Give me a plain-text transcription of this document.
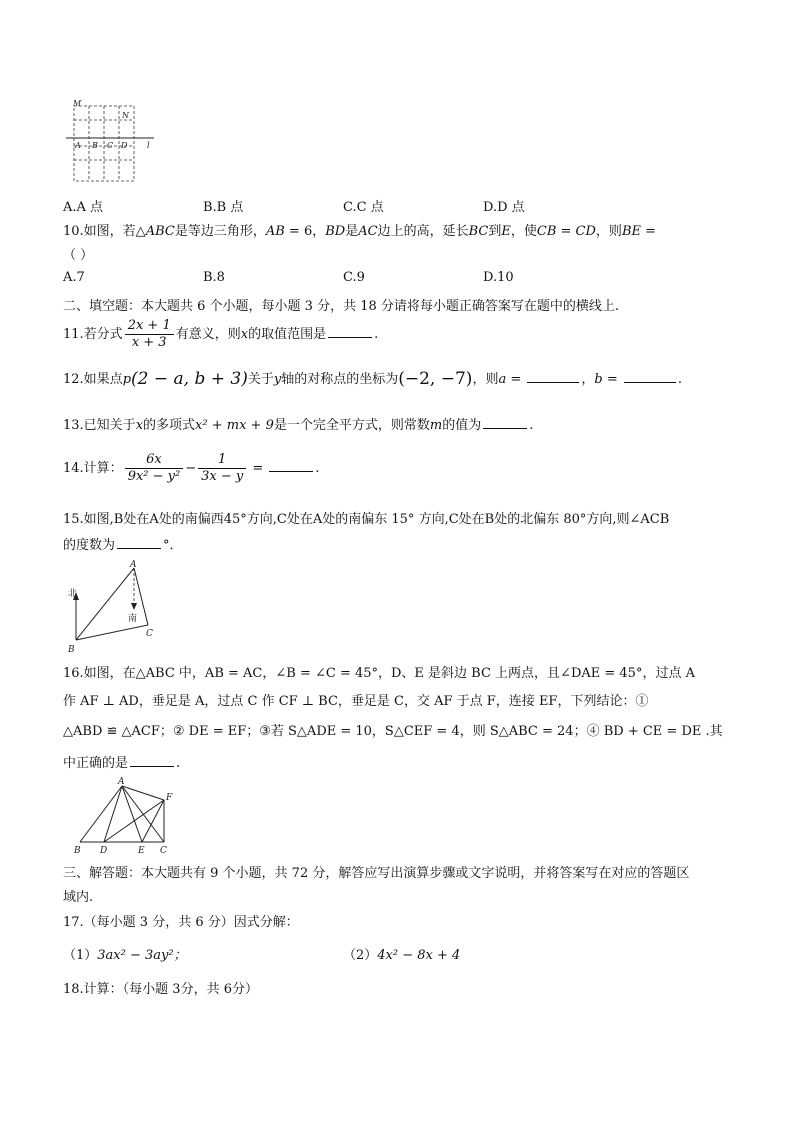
M
N
A B C D l
A.A 点	B.B 点	C.C 点	D.D 点
10.如图，若△ABC是等边三角形，AB = 6，BD是AC边上的高，延长BC到E，使CB = CD，则BE =
（ ）
A.7	B.8	C.9	D.10
二、填空题：本大题共 6 个小题，每小题 3 分，共 18 分请将每小题正确答案写在题中的横线上.
11.若分式 $\frac{2x + 1}{x + 3}$ 有意义，则x的取值范围是	.
12.如果点p(2 − a, b + 3)关于y轴的对称点的坐标为(−2, −7)，则a =	，b =	.
13.已知关于x的多项式x² + mx + 9是一个完全平方式，则常数m的值为	.
14.计算： $\frac{6x}{\text{9x² − y²}} - \frac{1}{3x - y}$ =	.
15.如图,B处在A处的南偏西45°方向,C处在A处的南偏东 15° 方向,C处在B处的北偏东 80°方向,则∠ACB
的度数为	°．
北
南
A
B
C
16.如图，在△ABC 中，AB = AC，∠B = ∠C = 45°，D、E 是斜边 BC 上两点，且∠DAE = 45°，过点 A
作 AF ⊥ AD，垂足是 A，过点 C 作 CF ⊥ BC，垂足是 C，交 AF 于点 F，连接 EF，下列结论：①
△ABD ≌ △ACF；② DE = EF；③若 S△ADE = 10，S△CEF = 4，则 S△ABC = 24；④ BD + CE = DE .其
中正确的是	.
A
B D	E C
F
三、解答题：本大题共有 9 个小题，共 72 分，解答应写出演算步骤或文字说明，并将答案写在对应的答题区
域内.
17.（每小题 3 分，共 6 分）因式分解：
（1）3ax² − 3ay²；	（2）4x² − 8x + 4
18.计算：（每小题 3分，共 6分）
